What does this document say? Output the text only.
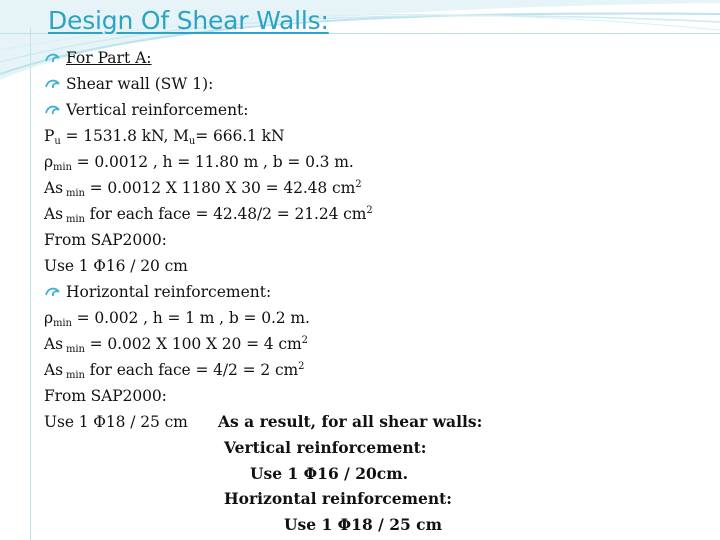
Design Of Shear Walls:

For Part A:

Shear wall (SW 1):

Vertical reinforcement:

$P_u = 1531.8$ kN, $M_u= 666.1$ kN

$\rho_{min} = 0.0012$ , h = 11.80 m , b = 0.3 m.

As $_{min}$ = 0.0012 X 1180 X 30 = 42.48 $cm^2$

As $_{min}$ for each face = 42.48/2 = 21.24 $cm^2$

From SAP2000:

Use 1 Φ16 / 20 cm

Horizontal reinforcement:

$\rho_{min} = 0.002$ , h = 1 m , b = 0.2 m.

As $_{min}$ = 0.002 X 100 X 20 = 4 $cm^2$

As $_{min}$ for each face = 4/2 = 2 $cm^2$

From SAP2000:

Use 1 Φ18 / 25 cm As a result, for all shear walls:

Vertical reinforcement:

Use 1 Φ16 / 20cm.

Horizontal reinforcement:

Use 1 Φ18 / 25 cm
